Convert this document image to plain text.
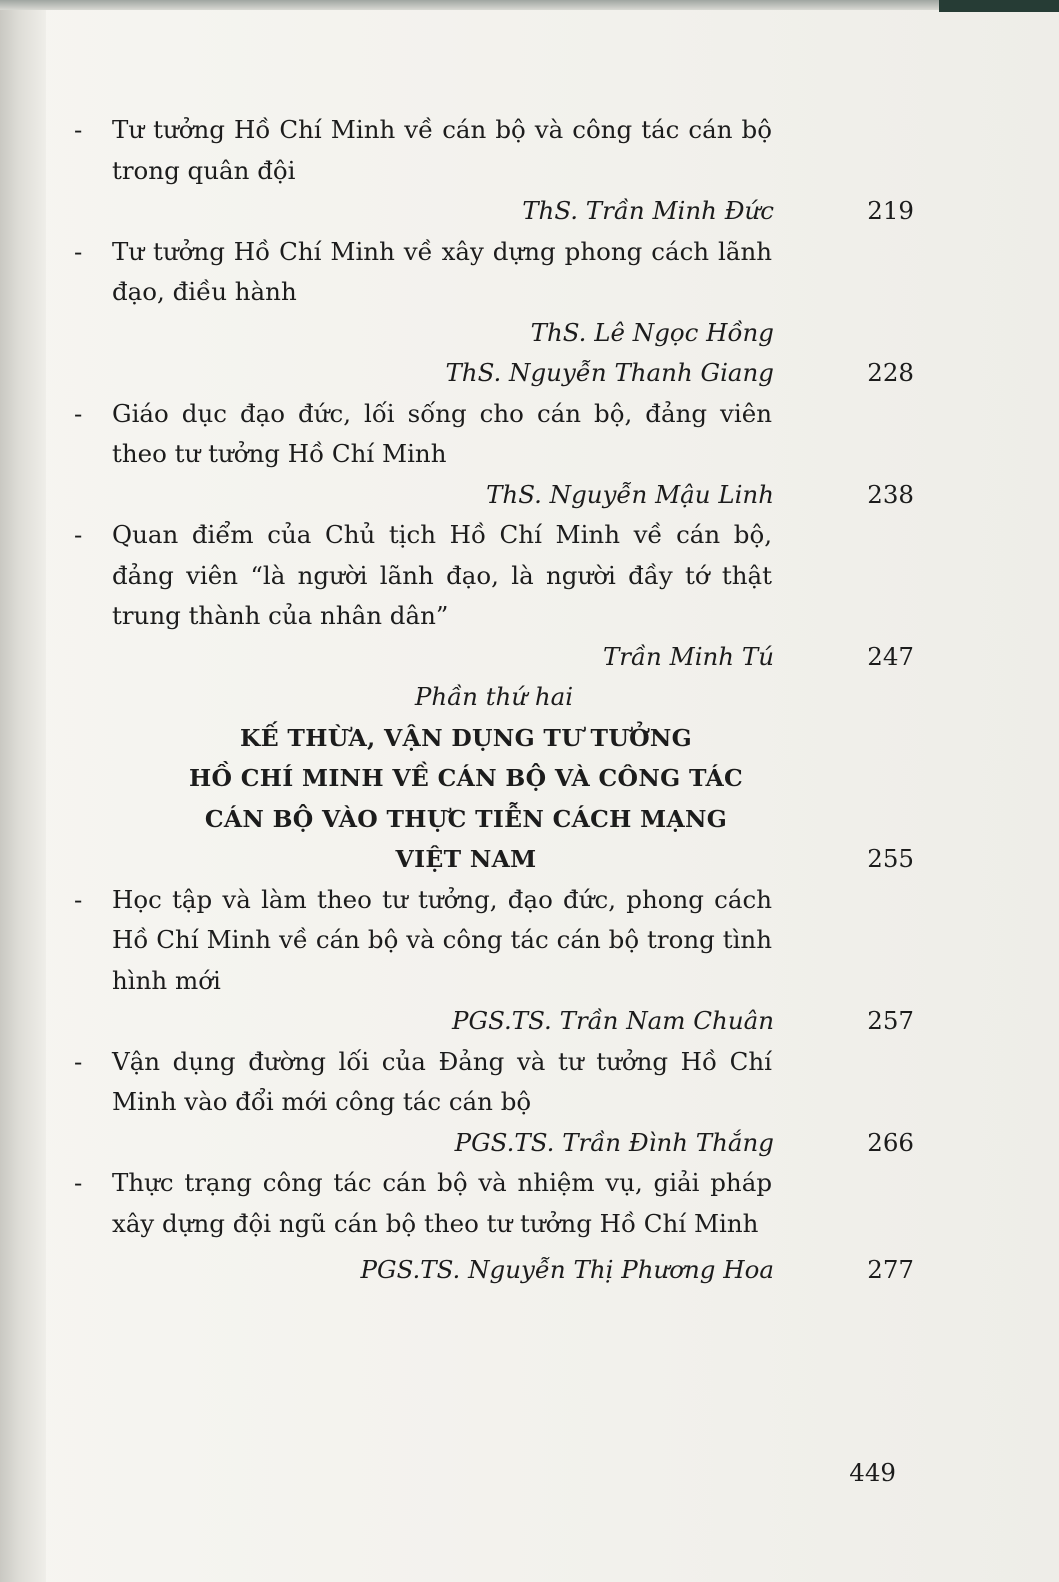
-	Tư tưởng Hồ Chí Minh về cán bộ và công tác cán bộ trong quân đội
ThS. Trần Minh Đức	219
-	Tư tưởng Hồ Chí Minh về xây dựng phong cách lãnh đạo, điều hành
ThS. Lê Ngọc Hồng
ThS. Nguyễn Thanh Giang	228
-	Giáo dục đạo đức, lối sống cho cán bộ, đảng viên theo tư tưởng Hồ Chí Minh
ThS. Nguyễn Mậu Linh	238
-	Quan điểm của Chủ tịch Hồ Chí Minh về cán bộ, đảng viên “là người lãnh đạo, là người đầy tớ thật trung thành của nhân dân”
Trần Minh Tú	247
Phần thứ hai
KẾ THỪA, VẬN DỤNG TƯ TƯỞNG
HỒ CHÍ MINH VỀ CÁN BỘ VÀ CÔNG TÁC
CÁN BỘ VÀO THỰC TIỄN CÁCH MẠNG
VIỆT NAM	255
-	Học tập và làm theo tư tưởng, đạo đức, phong cách Hồ Chí Minh về cán bộ và công tác cán bộ trong tình hình mới
PGS.TS. Trần Nam Chuân	257
-	Vận dụng đường lối của Đảng và tư tưởng Hồ Chí Minh vào đổi mới công tác cán bộ
PGS.TS. Trần Đình Thắng	266
-	Thực trạng công tác cán bộ và nhiệm vụ, giải pháp xây dựng đội ngũ cán bộ theo tư tưởng Hồ Chí Minh
PGS.TS. Nguyễn Thị Phương Hoa	277
449
